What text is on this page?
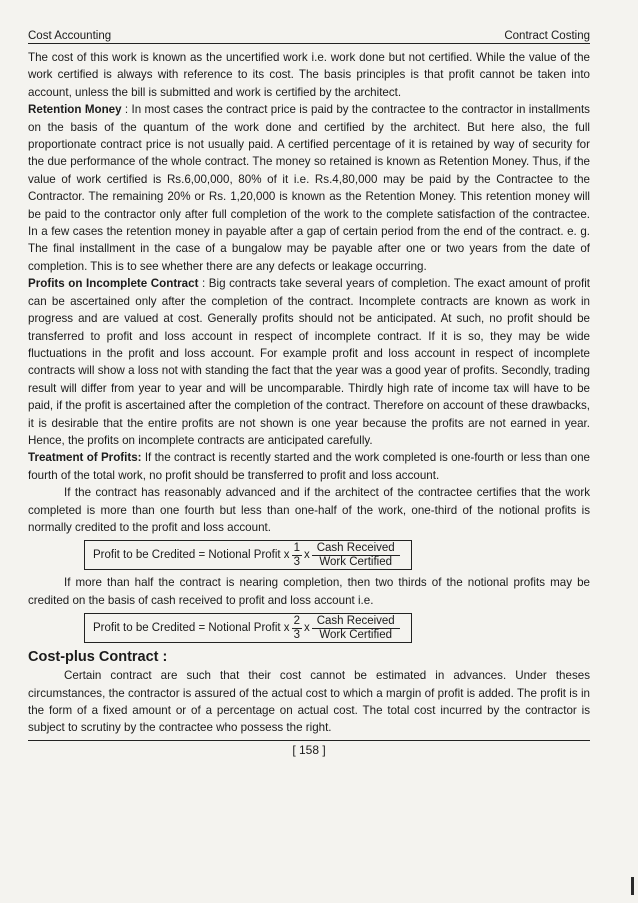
Cost Accounting	Contract Costing

The cost of this work is known as the uncertified work i.e. work done but not certified. While the value of the work certified is always with reference to its cost. The basis principles is that profit cannot be taken into account, unless the bill is submitted and work is certified by the architect.

Retention Money : In most cases the contract price is paid by the contractee to the contractor in installments on the basis of the quantum of the work done and certified by the architect. But here also, the full proportionate contract price is not usually paid. A certified percentage of it is retained by way of security for the due performance of the whole contract. The money so retained is known as Retention Money. Thus, if the value of work certified is Rs.6,00,000, 80% of it i.e. Rs.4,80,000 may be paid by the Contractee to the Contractor. The remaining 20% or Rs. 1,20,000 is known as the Retention Money. This retention money will be paid to the contractor only after full completion of the work to the complete satisfaction of the contractee. In a few cases the retention money in payable after a gap of certain period from the end of the contract. e. g. The final installment in the case of a bungalow may be payable after one or two years from the date of completion. This is to see whether there are any defects or leakage occurring.

Profits on Incomplete Contract : Big contracts take several years of completion. The exact amount of profit can be ascertained only after the completion of the contract. Incomplete contracts are known as work in progress and are valued at cost. Generally profits should not be anticipated. At such, no profit should be transferred to profit and loss account in respect of incomplete contract. If it is so, they may be wide fluctuations in the profit and loss account. For example profit and loss account in respect of incomplete contracts will show a loss not with standing the fact that the year was a good year of profits. Secondly, trading result will differ from year to year and will be uncomparable. Thirdly high rate of income tax will have to be paid, if the profit is ascertained after the completion of the contract. Therefore on account of these drawbacks, it is desirable that the entire profits are not shown is one year because the profits are not earned in year. Hence, the profits on incomplete contracts are anticipated carefully.

Treatment of Profits: If the contract is recently started and the work completed is one-fourth or less than one fourth of the total work, no profit should be transferred to profit and loss account.

If the contract has reasonably advanced and if the architect of the contractee certifies that the work completed is more than one fourth but less than one-half of the work, one-third of the notional profits is normally credited to the profit and loss account.

Profit to be Credited = Notional Profit x $\frac{1}{3}$ x $\frac{\text{Cash Received}}{\text{Work Certified}}$

If more than half the contract is nearing completion, then two thirds of the notional profits may be credited on the basis of cash received to profit and loss account i.e.

Profit to be Credited = Notional Profit x $\frac{2}{3}$ x $\frac{\text{Cash Received}}{\text{Work Certified}}$
Cost-plus Contract :

Certain contract are such that their cost cannot be estimated in advances. Under theses circumstances, the contractor is assured of the actual cost to which a margin of profit is added. The profit is in the form of a fixed amount or of a percentage on actual cost. The total cost incurred by the contractor is subject to scrutiny by the contractee who possess the right.

[ 158 ]
